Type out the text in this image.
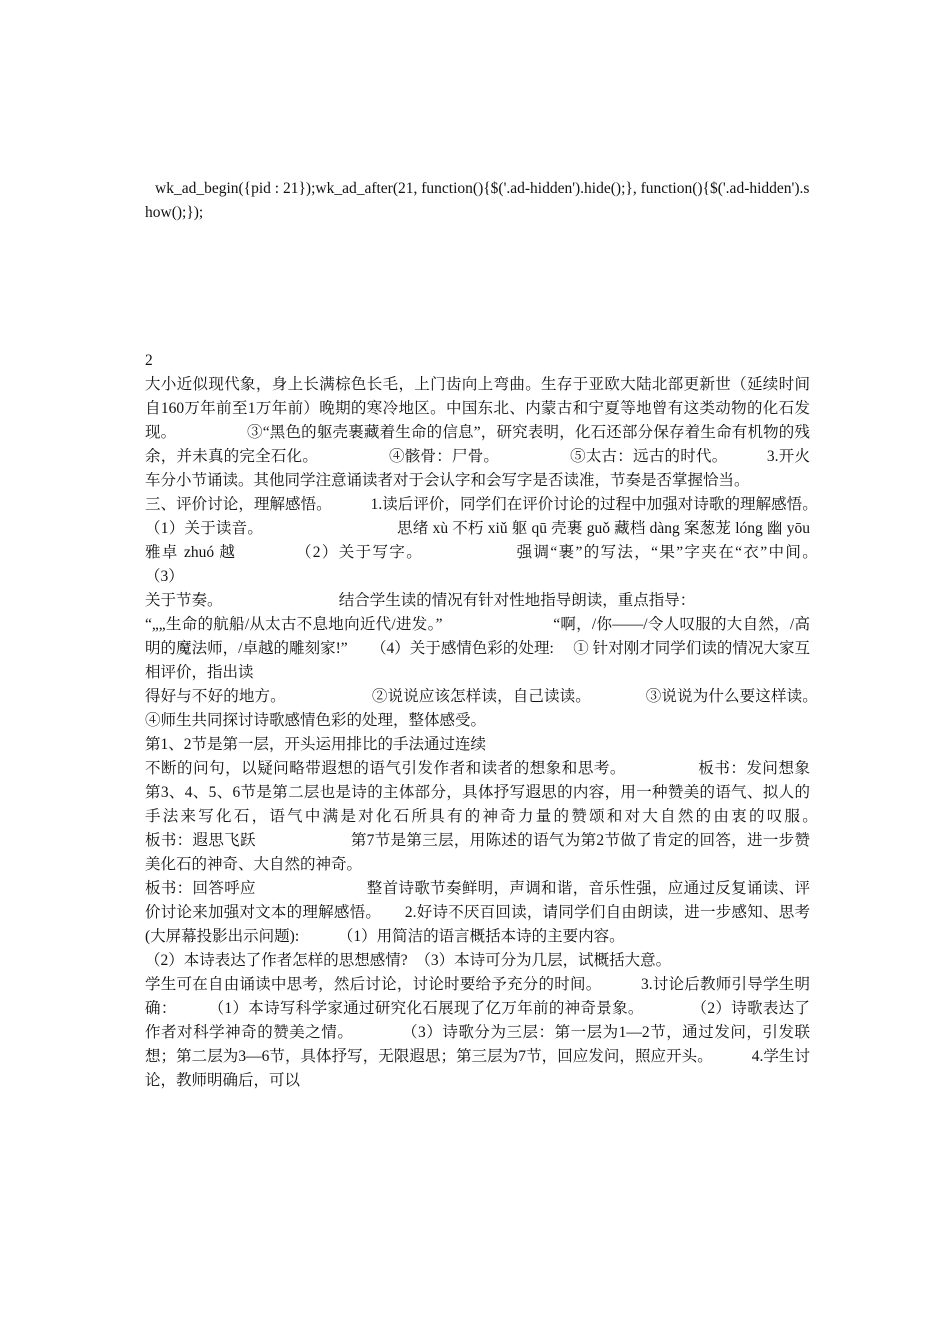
wk_ad_begin({pid : 21});wk_ad_after(21, function(){$('.ad-hidden').hide();}, function(){$('.ad-hidden').show();});

2

大小近似现代象，身上长满棕色长毛，上门齿向上弯曲。生存于亚欧大陆北部更新世（延续时间自160万年前至1万年前）晚期的寒冷地区。中国东北、内蒙古和宁夏等地曾有这类动物的化石发现。　　　　　③“黑色的躯壳裹藏着生命的信息”，研究表明，化石还部分保存着生命有机物的残余，并未真的完全石化。　　　　　④骸骨：尸骨。　　　　　⑤太古：远古的时代。　　　3.开火车分小节诵读。其他同学注意诵读者对于会认字和会写字是否读准，节奏是否掌握恰当。

三、评价讨论，理解感悟。　　　1.读后评价，同学们在评价讨论的过程中加强对诗歌的理解感悟。　　　（1）关于读音。　　　　　　　　　思绪 xù 不朽 xiǔ 躯 qū 壳裹 guǒ 藏档 dàng 案葱茏 lóng 幽 yōu 雅卓 zhuó 越　　　　（2）关于写字。　　　　　　强调“裹”的写法，“果”字夹在“衣”中间。　　　　（3）

关于节奏。　　　　　　　　结合学生读的情况有针对性地指导朗读，重点指导：

“„„生命的航船/从太古不息地向近代/进发。”　　　　　　　“啊，/你——/令人叹服的大自然，/高明的魔法师，/卓越的雕刻家!”　　（4）关于感情色彩的处理:　 ① 针对刚才同学们读的情况大家互相评价，指出读

得好与不好的地方。　　　　　　②说说应该怎样读，自己读读。　　　　③说说为什么要这样读。　　　　④师生共同探讨诗歌感情色彩的处理，整体感受。

第1、2节是第一层，开头运用排比的手法通过连续

不断的问句，以疑问略带遐想的语气引发作者和读者的想象和思考。　　　　　板书：发问想象　　　　　　　第3、4、5、6节是第二层也是诗的主体部分，具体抒写遐思的内容，用一种赞美的语气、拟人的手法来写化石，语气中满是对化石所具有的神奇力量的赞颂和对大自然的由衷的叹服。　　　　　板书：遐思飞跃　　　　　　第7节是第三层，用陈述的语气为第2节做了肯定的回答，进一步赞美化石的神奇、大自然的神奇。

板书：回答呼应　　　　　　　整首诗歌节奏鲜明，声调和谐，音乐性强，应通过反复诵读、评价讨论来加强对文本的理解感悟。　　2.好诗不厌百回读，请同学们自由朗读，进一步感知、思考(大屏幕投影出示问题):　　　（1）用简洁的语言概括本诗的主要内容。

（2）本诗表达了作者怎样的思想感情?　（3）本诗可分为几层，试概括大意。

学生可在自由诵读中思考，然后讨论，讨论时要给予充分的时间。　　　3.讨论后教师引导学生明确：　　　（1）本诗写科学家通过研究化石展现了亿万年前的神奇景象。　　　　（2）诗歌表达了作者对科学神奇的赞美之情。　　　　（3）诗歌分为三层：第一层为1—2节，通过发问，引发联想；第二层为3—6节，具体抒写，无限遐思；第三层为7节，回应发问，照应开头。　　　4.学生讨论，教师明确后，可以
